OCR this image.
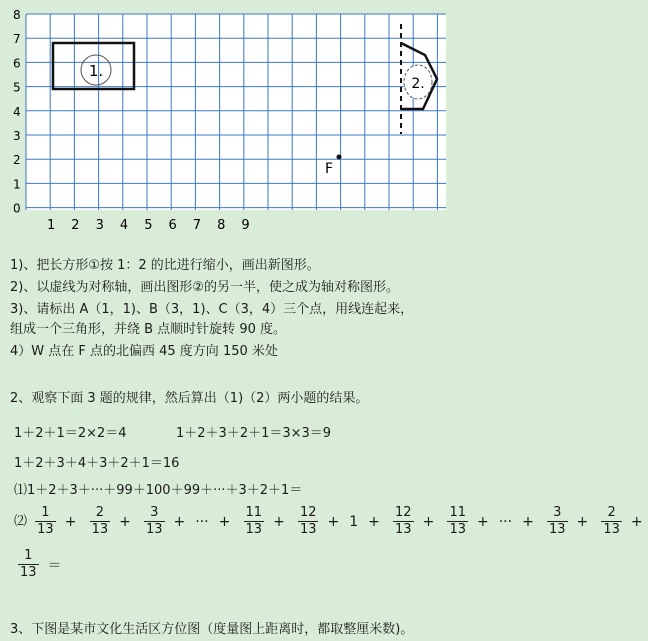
8
7
6
5
4
3
2
1
0
1 2 3 4 5 6 7 8 9
1.
2.
F
1)、把长方形①按 1：2 的比进行缩小，画出新图形。
2)、以虚线为对称轴，画出图形②的另一半，使之成为轴对称图形。
3)、请标出 A（1，1)、B（3，1)、C（3，4）三个点，用线连起来，
组成一个三角形，并绕 B 点顺时针旋转 90 度。
4）W 点在 F 点的北偏西 45 度方向 150 米处
2、观察下面 3 题的规律，然后算出（1)（2）两小题的结果。
1＋2＋1＝2×2＝4	1＋2＋3＋2＋1＝3×3＝9
1＋2＋3＋4＋3＋2＋1＝16
⑴1＋2＋3＋···＋99＋100＋99＋···＋3＋2＋1＝
⑵ $\frac{1}{13} + \frac{2}{13} + \frac{3}{13}$ + ··· + $\frac{11}{13} + \frac{12}{13} + 1 + \frac{12}{13} + \frac{11}{13}$ + ··· + $\frac{3}{13} + \frac{2}{13}$ +
$\frac{1}{13}$ ＝
3、下图是某市文化生活区方位图（度量图上距离时，都取整厘米数)。
